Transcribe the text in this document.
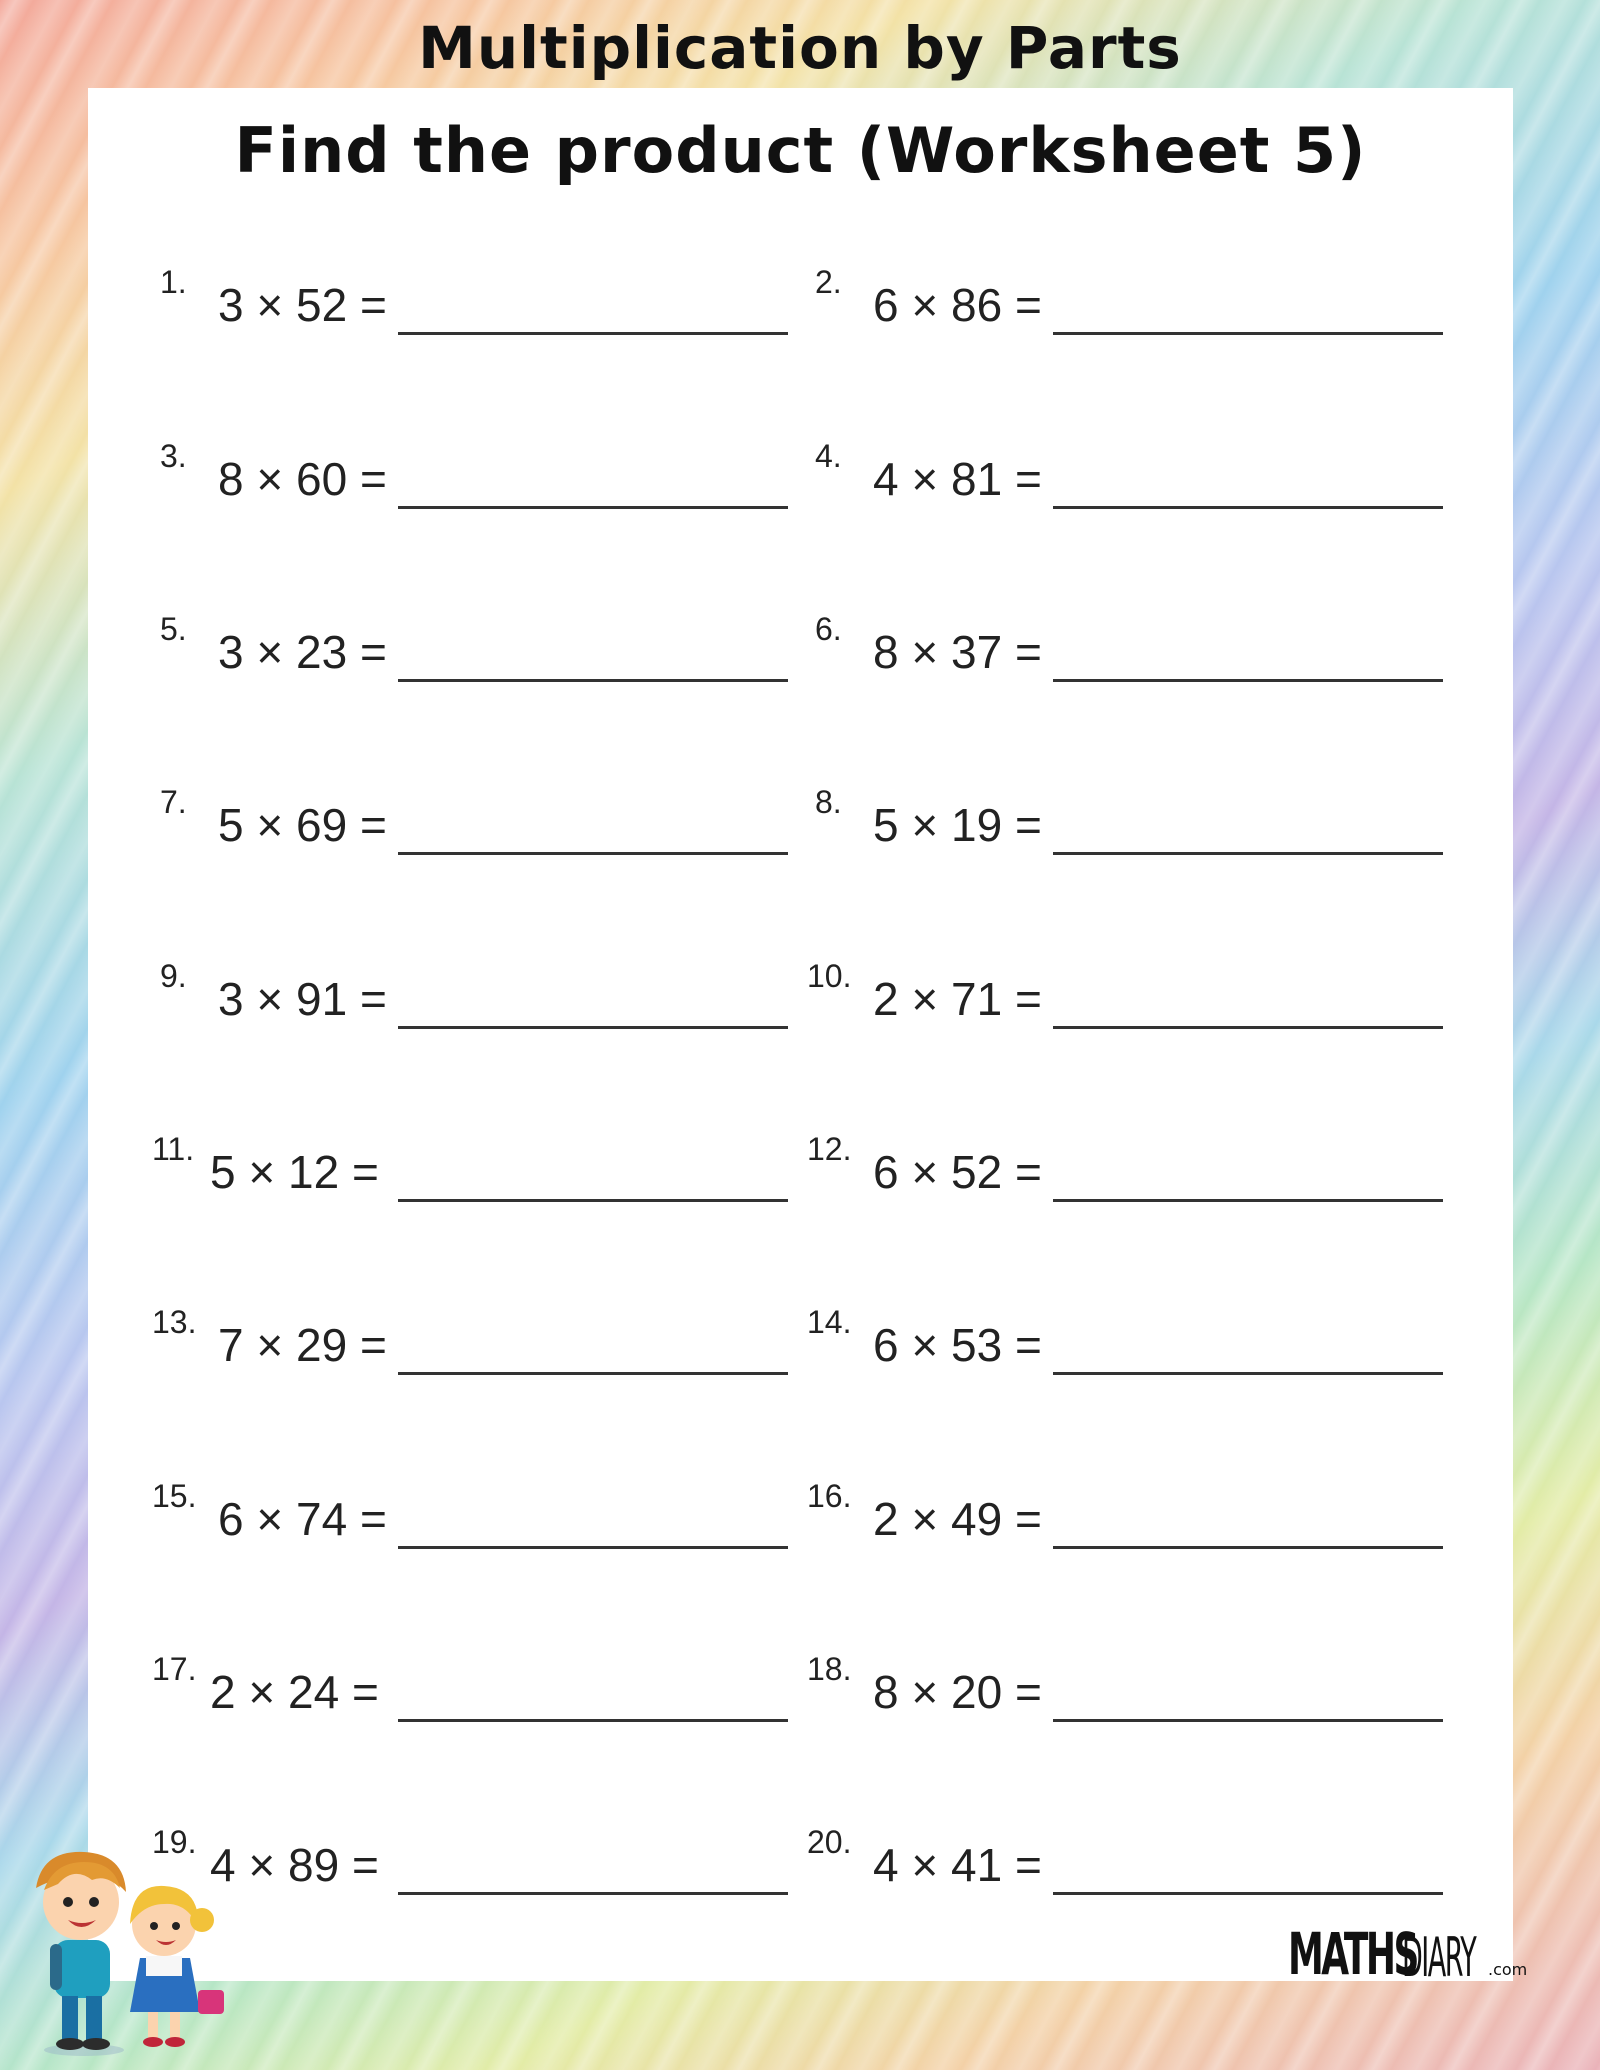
Multiplication by Parts
Find the product (Worksheet 5)
1. 3 × 52 =	2. 6 × 86 =
3. 8 × 60 =	4. 4 × 81 =
5. 3 × 23 =	6. 8 × 37 =
7. 5 × 69 =	8. 5 × 19 =
9. 3 × 91 =	10. 2 × 71 =
11. 5 × 12 =	12. 6 × 52 =
13. 7 × 29 =	14. 6 × 53 =
15. 6 × 74 =	16. 2 × 49 =
17. 2 × 24 =	18. 8 × 20 =
19. 4 × 89 =	20. 4 × 41 =
MATHS
DIARY .com
